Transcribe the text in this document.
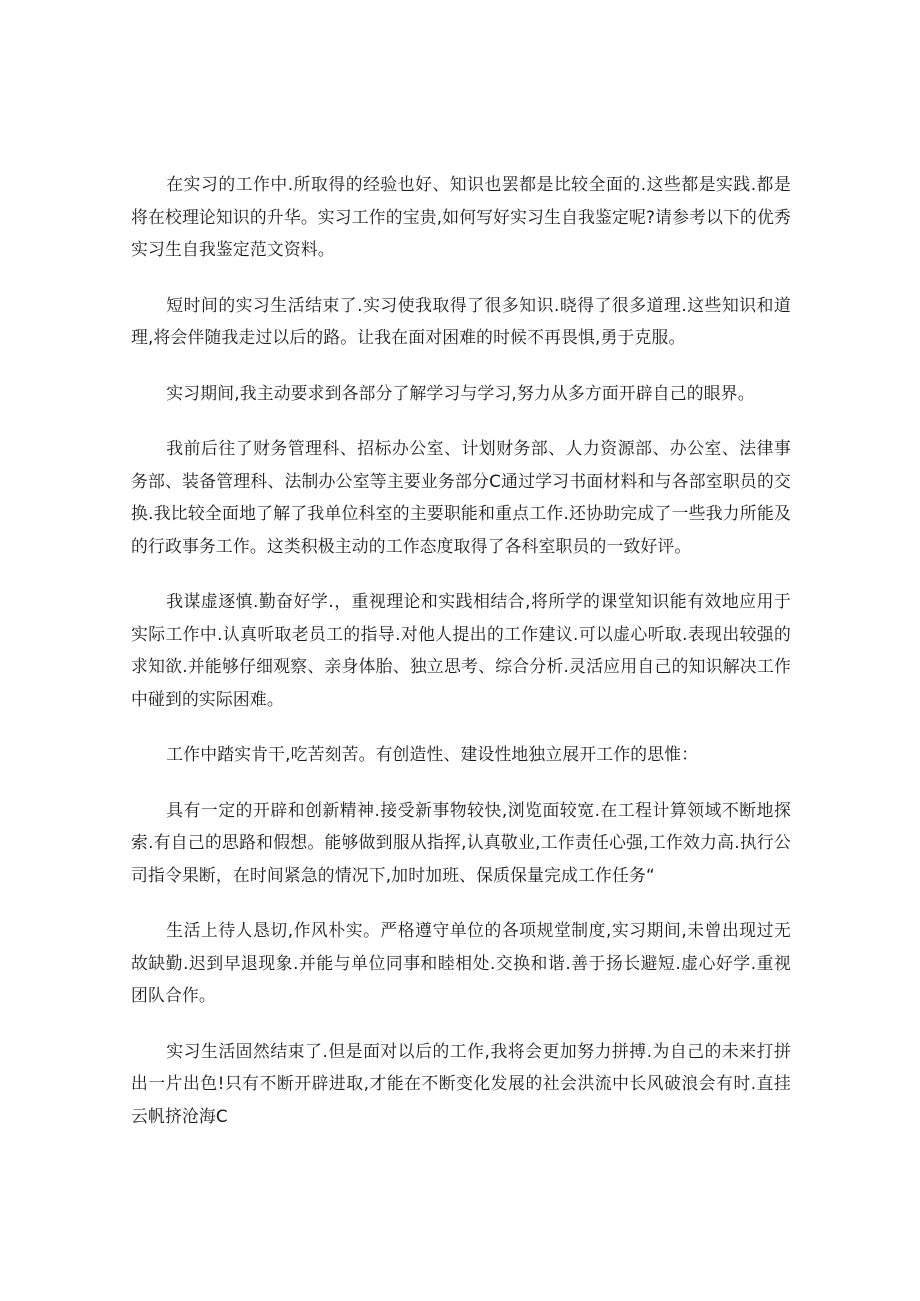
在实习的工作中.所取得的经验也好、知识也罢都是比较全面的.这些都是实践.都是将在校理论知识的升华。实习工作的宝贵,如何写好实习生自我鉴定呢?请参考以下的优秀实习生自我鉴定范文资料。

短时间的实习生活结束了.实习使我取得了很多知识.晓得了很多道理.这些知识和道理,将会伴随我走过以后的路。让我在面对困难的时候不再畏惧,勇于克服。

实习期间,我主动要求到各部分了解学习与学习,努力从多方面开辟自己的眼界。

我前后往了财务管理科、招标办公室、计划财务部、人力资源部、办公室、法律事务部、装备管理科、法制办公室等主要业务部分C通过学习书面材料和与各部室职员的交换.我比较全面地了解了我单位科室的主要职能和重点工作.还协助完成了一些我力所能及的行政事务工作。这类积极主动的工作态度取得了各科室职员的一致好评。

我谋虚逐慎.勤奋好学.，重视理论和实践相结合,将所学的课堂知识能有效地应用于实际工作中.认真听取老员工的指导.对他人提出的工作建议.可以虚心听取.表现出较强的求知欲.并能够仔细观察、亲身体胎、独立思考、综合分析.灵活应用自己的知识解决工作中碰到的实际困难。

工作中踏实肯干,吃苦刻苦。有创造性、建设性地独立展开工作的思惟：

具有一定的开辟和创新精神.接受新事物较快,浏览面较宽.在工程计算领域不断地探索.有自己的思路和假想。能够做到服从指挥,认真敬业,工作责任心强,工作效力高.执行公司指令果断，在时间紧急的情况下,加时加班、保质保量完成工作任务“

生活上待人恳切,作风朴实。严格遵守单位的各项规堂制度,实习期间,未曾出现过无故缺勤.迟到早退现象.并能与单位同事和睦相处.交换和谐.善于扬长避短.虚心好学.重视团队合作。

实习生活固然结束了.但是面对以后的工作,我将会更加努力拼搏.为自己的未来打拼出一片出色!只有不断开辟进取,才能在不断变化发展的社会洪流中长风破浪会有时.直挂云帆挤沧海C
